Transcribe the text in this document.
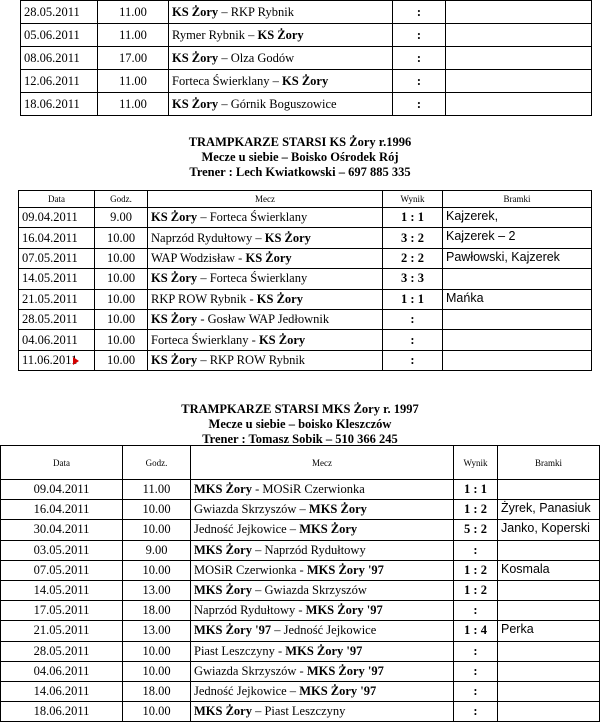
28.05.2011	11.00	KS Żory – RKP Rybnik	:	
05.06.2011	11.00	Rymer Rybnik – KS Żory	:	
08.06.2011	17.00	KS Żory – Olza Godów	:	
12.06.2011	11.00	Forteca Świerklany – KS Żory	:	
18.06.2011	11.00	KS Żory – Górnik Boguszowice	:	
TRAMPKARZE STARSI KS Żory r.1996
Mecze u siebie – Boisko Ośrodek Rój
Trener : Lech Kwiatkowski – 697 885 335
Data	Godz.	Mecz	Wynik	Bramki
09.04.2011	9.00	KS Żory – Forteca Świerklany	1 : 1	Kajzerek,
16.04.2011	10.00	Naprzód Rydułtowy – KS Żory	3 : 2	Kajzerek – 2
07.05.2011	10.00	WAP Wodzisław - KS Żory	2 : 2	Pawłowski, Kajzerek
14.05.2011	10.00	KS Żory – Forteca Świerklany	3 : 3	
21.05.2011	10.00	RKP ROW Rybnik - KS Żory	1 : 1	Mańka
28.05.2011	10.00	KS Żory - Gosław WAP Jedłownik	:	
04.06.2011	10.00	Forteca Świerklany - KS Żory	:	
11.06.2011	10.00	KS Żory – RKP ROW Rybnik	:	
TRAMPKARZE STARSI MKS Żory r. 1997
Mecze u siebie – boisko Kleszczów
Trener : Tomasz Sobik – 510 366 245
Data	Godz.	Mecz	Wynik	Bramki
09.04.2011	11.00	MKS Żory - MOSiR Czerwionka	1 : 1	
16.04.2011	10.00	Gwiazda Skrzyszów – MKS Żory	1 : 2	Żyrek, Panasiuk
30.04.2011	10.00	Jedność Jejkowice – MKS Żory	5 : 2	Janko, Koperski
03.05.2011	9.00	MKS Żory – Naprzód Rydułtowy	:	
07.05.2011	10.00	MOSiR Czerwionka - MKS Żory '97	1 : 2	Kosmala
14.05.2011	13.00	MKS Żory – Gwiazda Skrzyszów	1 : 2	
17.05.2011	18.00	Naprzód Rydułtowy - MKS Żory '97	:	
21.05.2011	13.00	MKS Żory '97 – Jedność Jejkowice	1 : 4	Perka
28.05.2011	10.00	Piast Leszczyny - MKS Żory '97	:	
04.06.2011	10.00	Gwiazda Skrzyszów - MKS Żory '97	:	
14.06.2011	18.00	Jedność Jejkowice – MKS Żory '97	:	
18.06.2011	10.00	MKS Żory – Piast Leszczyny	:	
